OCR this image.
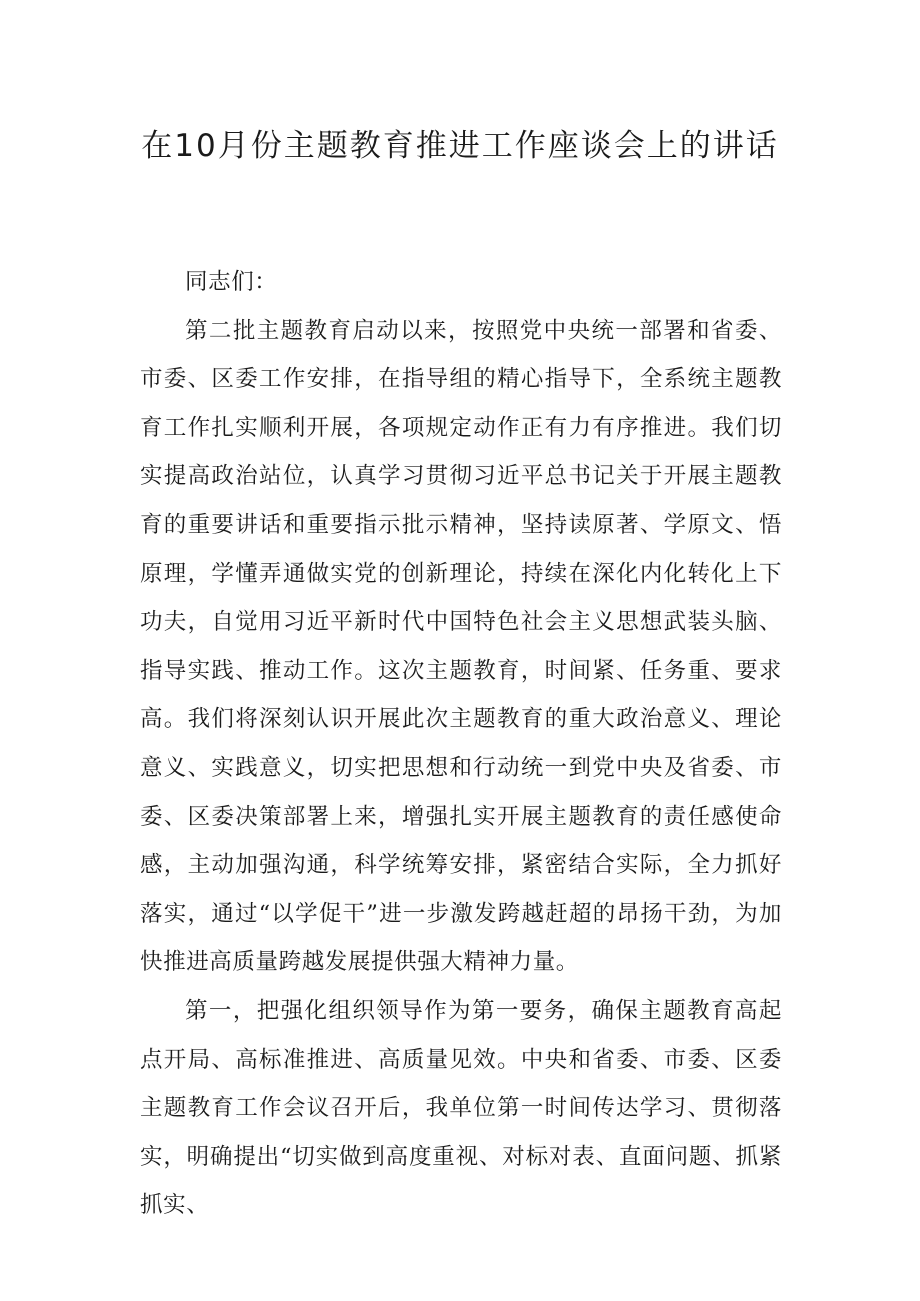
在10月份主题教育推进工作座谈会上的讲话

同志们：

第二批主题教育启动以来，按照党中央统一部署和省委、市委、区委工作安排，在指导组的精心指导下，全系统主题教育工作扎实顺利开展，各项规定动作正有力有序推进。我们切实提高政治站位，认真学习贯彻习近平总书记关于开展主题教育的重要讲话和重要指示批示精神，坚持读原著、学原文、悟原理，学懂弄通做实党的创新理论，持续在深化内化转化上下功夫，自觉用习近平新时代中国特色社会主义思想武装头脑、指导实践、推动工作。这次主题教育，时间紧、任务重、要求高。我们将深刻认识开展此次主题教育的重大政治意义、理论意义、实践意义，切实把思想和行动统一到党中央及省委、市委、区委决策部署上来，增强扎实开展主题教育的责任感使命感，主动加强沟通，科学统筹安排，紧密结合实际，全力抓好落实，通过“以学促干”进一步激发跨越赶超的昂扬干劲，为加快推进高质量跨越发展提供强大精神力量。

第一，把强化组织领导作为第一要务，确保主题教育高起点开局、高标准推进、高质量见效。中央和省委、市委、区委主题教育工作会议召开后，我单位第一时间传达学习、贯彻落实，明确提出“切实做到高度重视、对标对表、直面问题、抓紧抓实、
